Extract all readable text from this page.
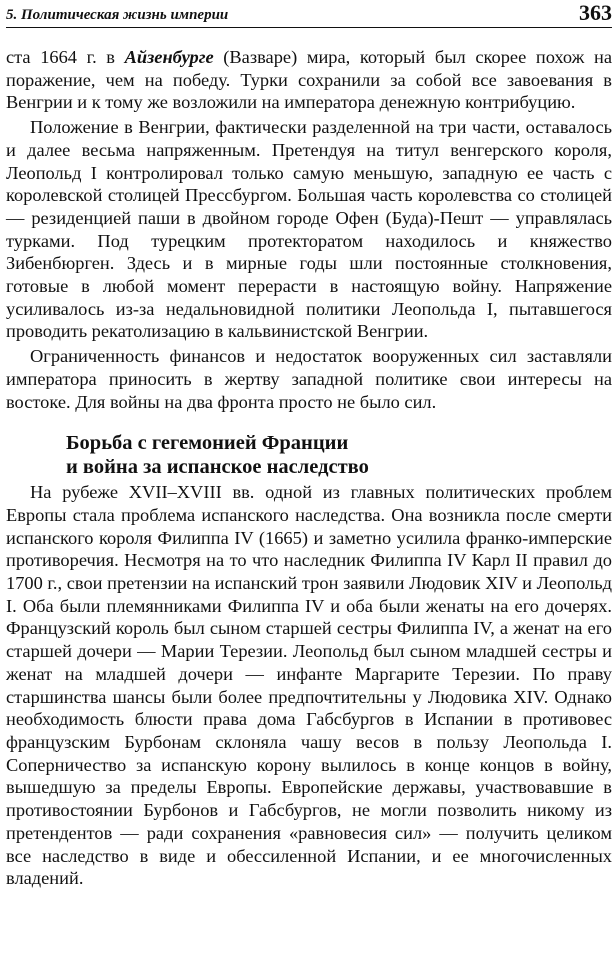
5. Политическая жизнь империи	363

ста 1664 г. в Айзенбурге (Вазваре) мира, который был скорее похож на поражение, чем на победу. Турки сохранили за собой все завоевания в Венгрии и к тому же возложили на императора денежную контрибуцию.

Положение в Венгрии, фактически разделенной на три части, оставалось и далее весьма напряженным. Претендуя на титул венгерского короля, Леопольд I контролировал только самую меньшую, западную ее часть с королевской столицей Прессбургом. Большая часть королевства со столицей — резиденцией паши в двойном городе Офен (Буда)-Пешт — управлялась турками. Под турецким протекторатом находилось и княжество Зибенбюрген. Здесь и в мирные годы шли постоянные столкновения, готовые в любой момент перерасти в настоящую войну. Напряжение усиливалось из-за недальновидной политики Леопольда I, пытавшегося проводить рекатолизацию в кальвинистской Венгрии.

Ограниченность финансов и недостаток вооруженных сил заставляли императора приносить в жертву западной политике свои интересы на востоке. Для войны на два фронта просто не было сил.

Борьба с гегемонией Франции
и война за испанское наследство

На рубеже XVII–XVIII вв. одной из главных политических проблем Европы стала проблема испанского наследства. Она возникла после смерти испанского короля Филиппа IV (1665) и заметно усилила франко-имперские противоречия. Несмотря на то что наследник Филиппа IV Карл II правил до 1700 г., свои претензии на испанский трон заявили Людовик XIV и Леопольд I. Оба были племянниками Филиппа IV и оба были женаты на его дочерях. Французский король был сыном старшей сестры Филиппа IV, а женат на его старшей дочери — Марии Терезии. Леопольд был сыном младшей сестры и женат на младшей дочери — инфанте Маргарите Терезии. По праву старшинства шансы были более предпочтительны у Людовика XIV. Однако необходимость блюсти права дома Габсбургов в Испании в противовес французским Бурбонам склоняла чашу весов в пользу Леопольда I. Соперничество за испанскую корону вылилось в конце концов в войну, вышедшую за пределы Европы. Европейские державы, участвовавшие в противостоянии Бурбонов и Габсбургов, не могли позволить никому из претендентов — ради сохранения «равновесия сил» — получить целиком все наследство в виде и обессиленной Испании, и ее многочисленных владений.
